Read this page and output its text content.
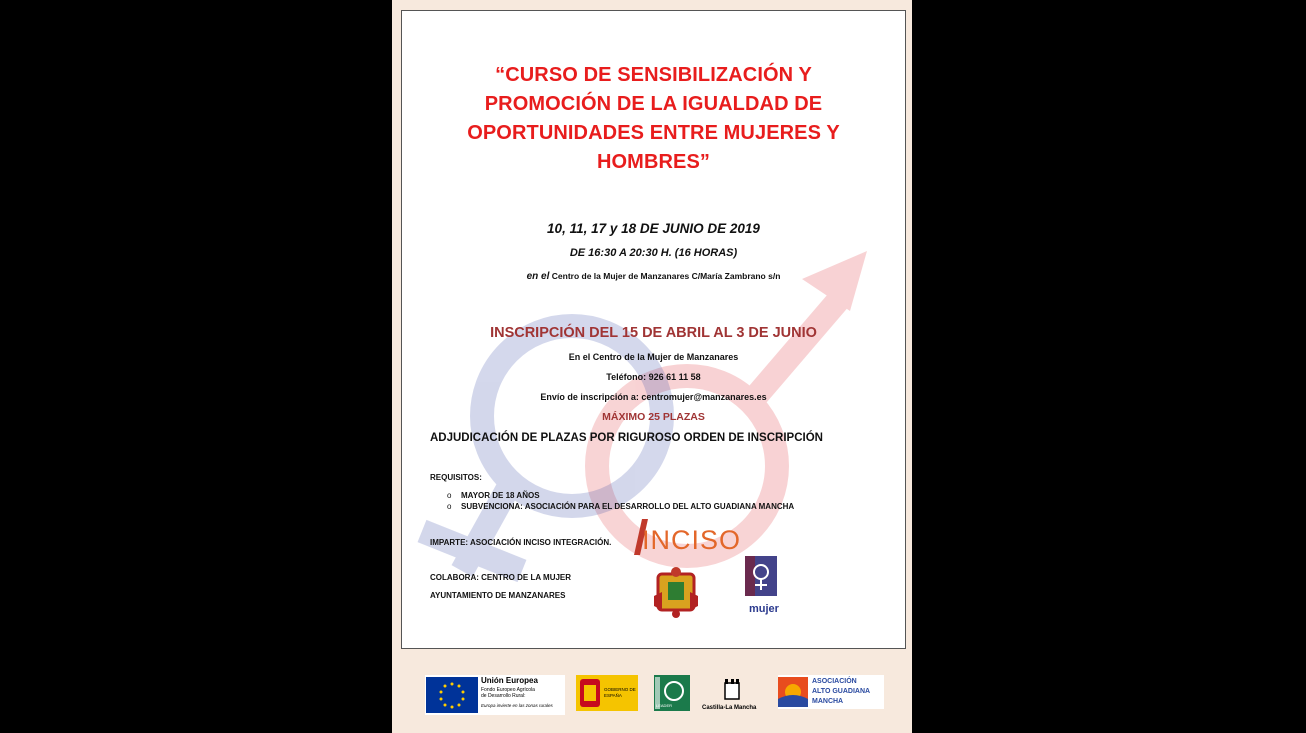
“CURSO DE SENSIBILIZACIÓN Y
PROMOCIÓN DE LA IGUALDAD DE
OPORTUNIDADES ENTRE MUJERES Y
HOMBRES”
10, 11, 17 y 18 DE JUNIO DE 2019
DE 16:30 A 20:30 H. (16 HORAS)
en el Centro de la Mujer de Manzanares C/María Zambrano s/n
INSCRIPCIÓN DEL 15 DE ABRIL AL 3 DE JUNIO
En el Centro de la Mujer de Manzanares
Teléfono: 926 61 11 58
Envío de inscripción a: centromujer@manzanares.es
MÁXIMO 25 PLAZAS
ADJUDICACIÓN DE PLAZAS POR RIGUROSO ORDEN DE INSCRIPCIÓN
REQUISITOS:
o MAYOR DE 18 AÑOS
o SUBVENCIONA: ASOCIACIÓN PARA EL DESARROLLO DEL ALTO GUADIANA MANCHA
IMPARTE: ASOCIACIÓN INCISO INTEGRACIÓN. INCISO
COLABORA: CENTRO DE LA MUJER
AYUNTAMIENTO DE MANZANARES
mujer
Unión Europea
Fondo Europeo Agrícola
de Desarrollo Rural:
Europa invierte en las zonas rurales
GOBIERNO DE ESPAÑA
LEADER	Castilla-La Mancha
ASOCIACIÓN
ALTO GUADIANA
MANCHA
